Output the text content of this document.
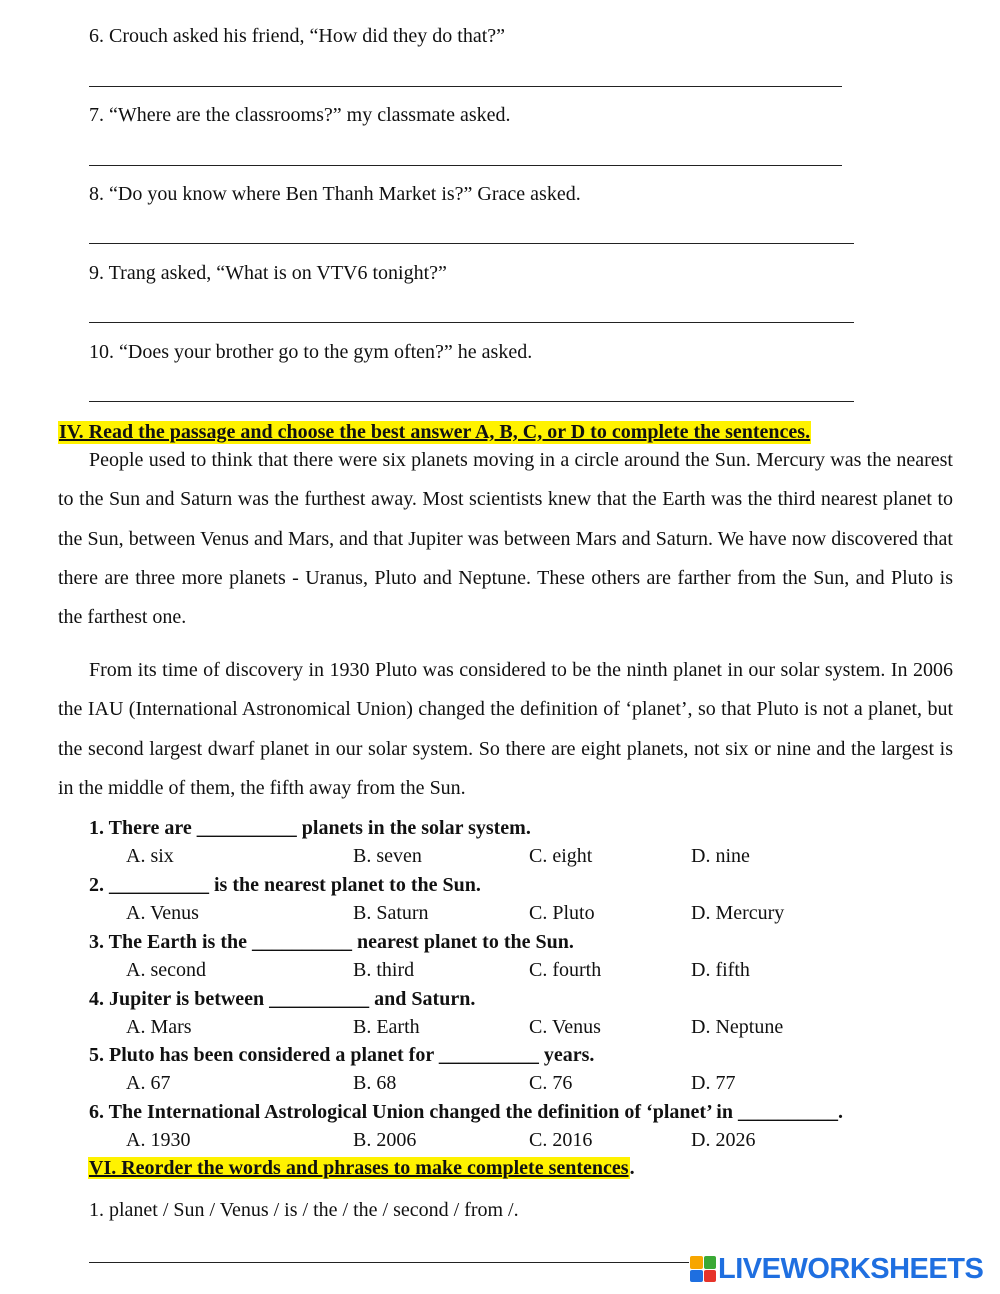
6. Crouch asked his friend, “How did they do that?”
7. “Where are the classrooms?” my classmate asked.
8. “Do you know where Ben Thanh Market is?” Grace asked.
9. Trang asked, “What is on VTV6 tonight?”
10. “Does your brother go to the gym often?” he asked.
IV. Read the passage and choose the best answer A, B, C, or D to complete the sentences.

People used to think that there were six planets moving in a circle around the Sun. Mercury was the nearest to the Sun and Saturn was the furthest away. Most scientists knew that the Earth was the third nearest planet to the Sun, between Venus and Mars, and that Jupiter was between Mars and Saturn. We have now discovered that there are three more planets - Uranus, Pluto and Neptune. These others are farther from the Sun, and Pluto is the farthest one.

From its time of discovery in 1930 Pluto was considered to be the ninth planet in our solar system. In 2006 the IAU (International Astronomical Union) changed the definition of ‘planet’, so that Pluto is not a planet, but the second largest dwarf planet in our solar system. So there are eight planets, not six or nine and the largest is in the middle of them, the fifth away from the Sun.

1. There are __________ planets in the solar system.
A. six	B. seven	C. eight	D. nine
2. __________ is the nearest planet to the Sun.
A. Venus	B. Saturn	C. Pluto	D. Mercury
3. The Earth is the __________ nearest planet to the Sun.
A. second	B. third	C. fourth	D. fifth
4. Jupiter is between __________ and Saturn.
A. Mars	B. Earth	C. Venus	D. Neptune
5. Pluto has been considered a planet for __________ years.
A. 67	B. 68	C. 76	D. 77
6. The International Astrological Union changed the definition of ‘planet’ in __________.
A. 1930	B. 2006	C. 2016	D. 2026
VI. Reorder the words and phrases to make complete sentences.
1. planet / Sun / Venus / is / the / the / second / from /.
LIVEWORKSHEETS
